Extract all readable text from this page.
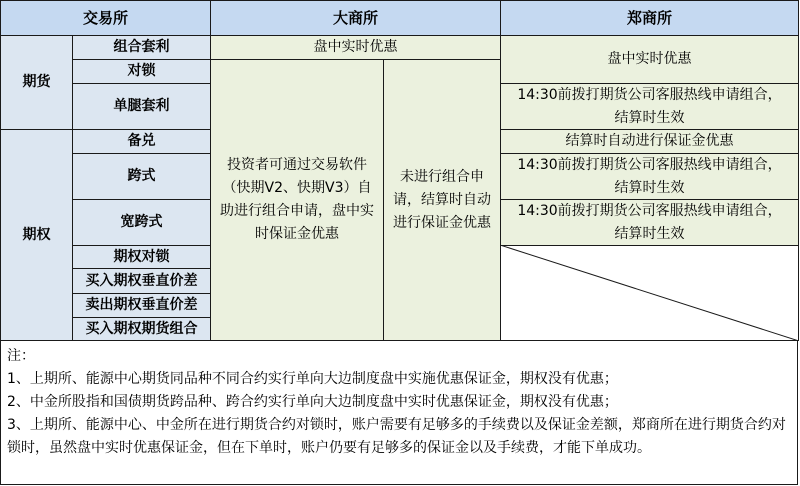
交易所	大商所	郑商所
期货
期权
组合套利
对锁
单腿套利
备兑
跨式
宽跨式
期权对锁
买入期权垂直价差
卖出期权垂直价差
买入期权期货组合
盘中实时优惠
投资者可通过交易软件（快期V2、快期V3）自助进行组合申请，盘中实时保证金优惠
未进行组合申请，结算时自动进行保证金优惠
盘中实时优惠
14:30前拨打期货公司客服热线申请组合，结算时生效
结算时自动进行保证金优惠
14:30前拨打期货公司客服热线申请组合，结算时生效
14:30前拨打期货公司客服热线申请组合，结算时生效
注：
1、上期所、能源中心期货同品种不同合约实行单向大边制度盘中实施优惠保证金，期权没有优惠；
2、中金所股指和国债期货跨品种、跨合约实行单向大边制度盘中实时优惠保证金，期权没有优惠；
3、上期所、能源中心、中金所在进行期货合约对锁时，账户需要有足够多的手续费以及保证金差额，郑商所在进行期货合约对锁时，虽然盘中实时优惠保证金，但在下单时，账户仍要有足够多的保证金以及手续费，才能下单成功。
